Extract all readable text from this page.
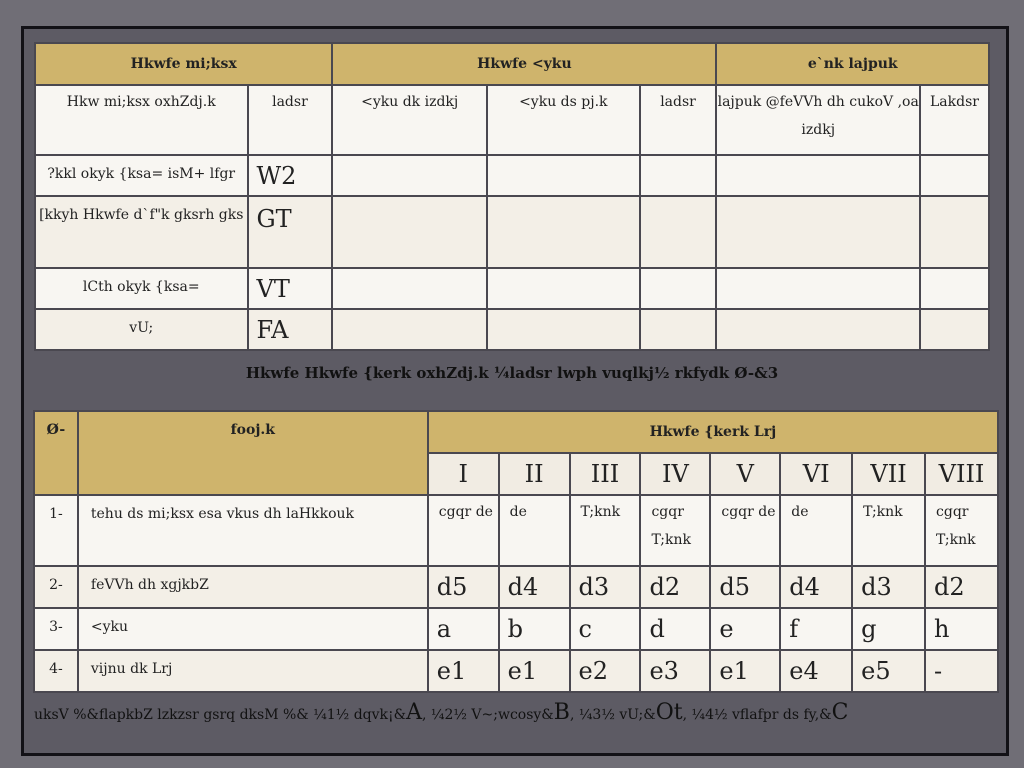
Hkwfe mi;ksx		Hkwfe <yku			e`nk lajpuk	
Hkw mi;ksx oxhZdj.k	ladsr	<yku dk izdkj	<yku ds pj.k	ladsr	lajpuk @feVVh dh cukoV ,oa izdkj	Lakdsr
?kkl okyk {ksa= isM+ lfgr	W2					
[kkyh Hkwfe d`f"k gksrh gks	GT					
lCth okyk {ksa=	VT					
vU;	FA					
Hkwfe Hkwfe {kerk oxhZdj.k ¼ladsr lwph vuqlkj½ rkfydk Ø-&3
Ø-	fooj.k	Hkwfe {kerk Lrj							
		I	II	III	IV	V	VI	VII	VIII
1-	tehu ds mi;ksx esa vkus dh laHkkouk	cgqr de	de	T;knk	cgqr T;knk	cgqr de	de	T;knk	cgqr T;knk
2-	feVVh dh xgjkbZ	d5	d4	d3	d2	d5	d4	d3	d2
3-	<yku	a	b	c	d	e	f	g	h
4-	vijnu dk Lrj	e1	e1	e2	e3	e1	e4	e5	-
uksV %&flapkbZ lzkzsr gsrq dksM %& ¼1½ dqvk¡&A, ¼2½ V~;wcosy&B, ¼3½ vU;&Ot, ¼4½ vflafpr ds fy,&C
